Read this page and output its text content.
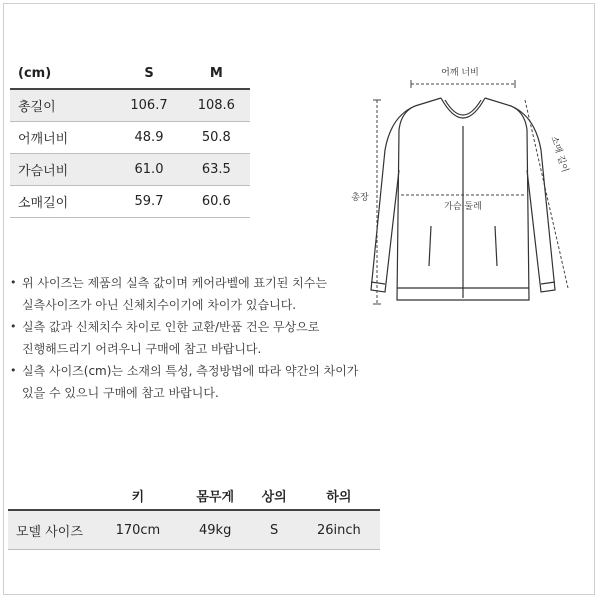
(cm)	S	M
총길이	106.7	108.6
어깨너비	48.9	50.8
가슴너비	61.0	63.5
소매길이	59.7	60.6
• 위 사이즈는 제품의 실측 값이며 케어라벨에 표기된 치수는
실측사이즈가 아닌 신체치수이기에 차이가 있습니다.
• 실측 값과 신체치수 차이로 인한 교환/반품 건은 무상으로
진행해드리기 어려우니 구매에 참고 바랍니다.
• 실측 사이즈(cm)는 소재의 특성, 측정방법에 따라 약간의 차이가
있을 수 있으니 구매에 참고 바랍니다.
어깨 너비
총장
소매 길이
가슴 둘레
	키	몸무게	상의	하의
모델 사이즈	170cm	49kg	S	26inch
